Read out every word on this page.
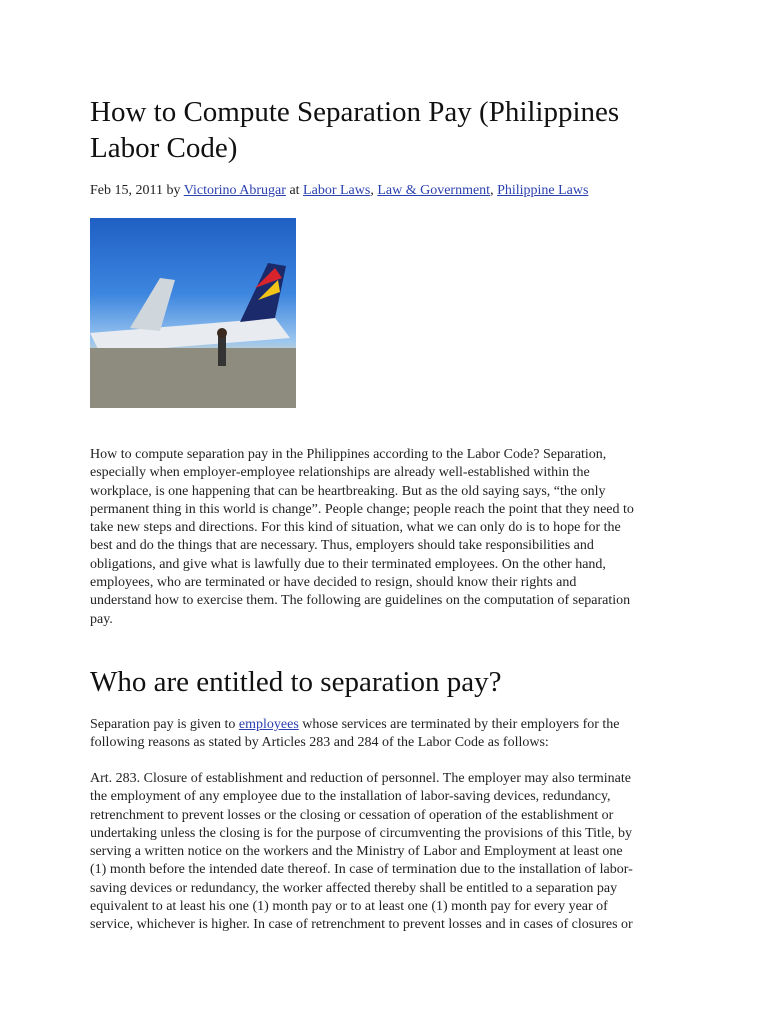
How to Compute Separation Pay (Philippines
Labor Code)
Feb 15, 2011 by Victorino Abrugar at Labor Laws, Law & Government, Philippine Laws
How to compute separation pay in the Philippines according to the Labor Code? Separation,
especially when employer-employee relationships are already well-established within the
workplace, is one happening that can be heartbreaking. But as the old saying says, “the only
permanent thing in this world is change”. People change; people reach the point that they need to
take new steps and directions. For this kind of situation, what we can only do is to hope for the
best and do the things that are necessary. Thus, employers should take responsibilities and
obligations, and give what is lawfully due to their terminated employees. On the other hand,
employees, who are terminated or have decided to resign, should know their rights and
understand how to exercise them. The following are guidelines on the computation of separation
pay.
Who are entitled to separation pay?
Separation pay is given to employees whose services are terminated by their employers for the
following reasons as stated by Articles 283 and 284 of the Labor Code as follows:
Art. 283. Closure of establishment and reduction of personnel. The employer may also terminate
the employment of any employee due to the installation of labor-saving devices, redundancy,
retrenchment to prevent losses or the closing or cessation of operation of the establishment or
undertaking unless the closing is for the purpose of circumventing the provisions of this Title, by
serving a written notice on the workers and the Ministry of Labor and Employment at least one
(1) month before the intended date thereof. In case of termination due to the installation of labor-
saving devices or redundancy, the worker affected thereby shall be entitled to a separation pay
equivalent to at least his one (1) month pay or to at least one (1) month pay for every year of
service, whichever is higher. In case of retrenchment to prevent losses and in cases of closures or
